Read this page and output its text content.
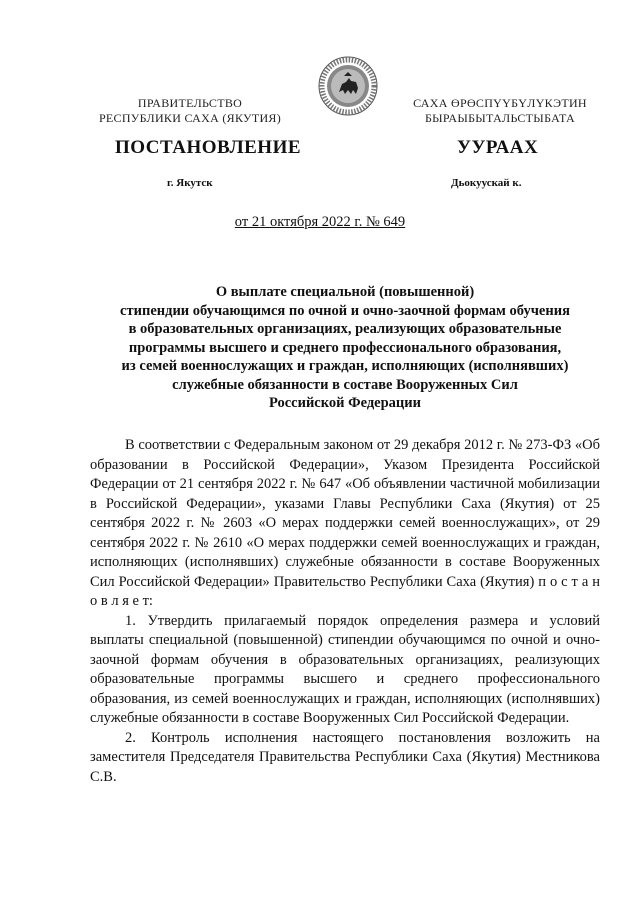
ПРАВИТЕЛЬСТВО
РЕСПУБЛИКИ САХА (ЯКУТИЯ)
САХА ӨРӨСПҮҮБҮЛҮКЭТИН
БЫРАЫБЫТАЛЬСТЫБАТА
ПОСТАНОВЛЕНИЕ	УУРААХ
г. Якутск	Дьокуускай к.
от 21 октября 2022 г. № 649
О выплате специальной (повышенной)
стипендии обучающимся по очной и очно-заочной формам обучения
в образовательных организациях, реализующих образовательные
программы высшего и среднего профессионального образования,
из семей военнослужащих и граждан, исполняющих (исполнявших)
служебные обязанности в составе Вооруженных Сил
Российской Федерации

В соответствии с Федеральным законом от 29 декабря 2012 г. № 273-ФЗ «Об образовании в Российской Федерации», Указом Президента Российской Федерации от 21 сентября 2022 г. № 647 «Об объявлении частичной мобилизации в Российской Федерации», указами Главы Республики Саха (Якутия) от 25 сентября 2022 г. № 2603 «О мерах поддержки семей военнослужащих», от 29 сентября 2022 г. № 2610 «О мерах поддержки семей военнослужащих и граждан, исполняющих (исполнявших) служебные обязанности в составе Вооруженных Сил Российской Федерации» Правительство Республики Саха (Якутия) п о с т а н о в л я е т:

1. Утвердить прилагаемый порядок определения размера и условий выплаты специальной (повышенной) стипендии обучающимся по очной и очно-заочной формам обучения в образовательных организациях, реализующих образовательные программы высшего и среднего профессионального образования, из семей военнослужащих и граждан, исполняющих (исполнявших) служебные обязанности в составе Вооруженных Сил Российской Федерации.

2. Контроль исполнения настоящего постановления возложить на заместителя Председателя Правительства Республики Саха (Якутия) Местникова С.В.
